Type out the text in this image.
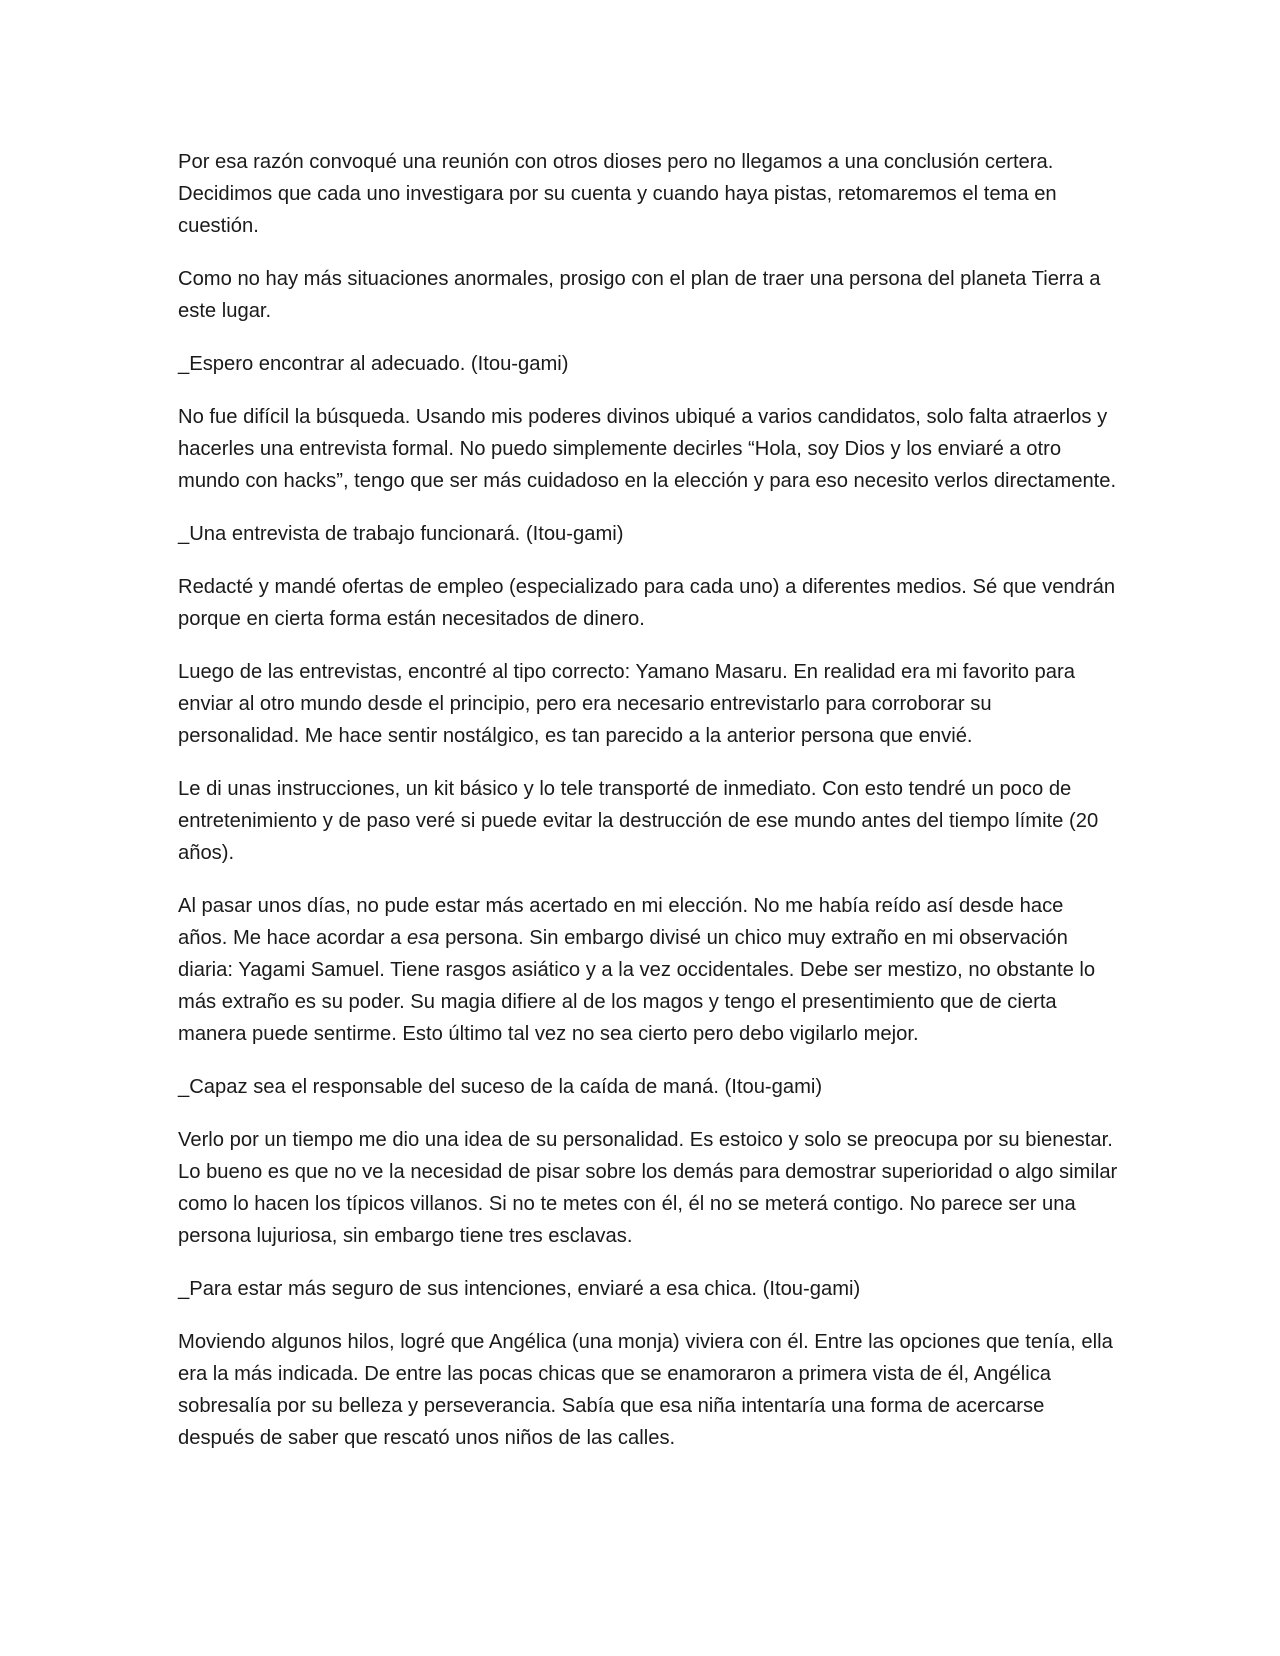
Por esa razón convoqué una reunión con otros dioses pero no llegamos a una conclusión certera. Decidimos que cada uno investigara por su cuenta y cuando haya pistas, retomaremos el tema en cuestión.

Como no hay más situaciones anormales, prosigo con el plan de traer una persona del planeta Tierra a este lugar.

_Espero encontrar al adecuado. (Itou-gami)

No fue difícil la búsqueda. Usando mis poderes divinos ubiqué a varios candidatos, solo falta atraerlos y hacerles una entrevista formal. No puedo simplemente decirles “Hola, soy Dios y los enviaré a otro mundo con hacks”, tengo que ser más cuidadoso en la elección y para eso necesito verlos directamente.

_Una entrevista de trabajo funcionará. (Itou-gami)

Redacté y mandé ofertas de empleo (especializado para cada uno) a diferentes medios. Sé que vendrán porque en cierta forma están necesitados de dinero.

Luego de las entrevistas, encontré al tipo correcto: Yamano Masaru. En realidad era mi favorito para enviar al otro mundo desde el principio, pero era necesario entrevistarlo para corroborar su personalidad. Me hace sentir nostálgico, es tan parecido a la anterior persona que envié.

Le di unas instrucciones, un kit básico y lo tele transporté de inmediato. Con esto tendré un poco de entretenimiento y de paso veré si puede evitar la destrucción de ese mundo antes del tiempo límite (20 años).

Al pasar unos días, no pude estar más acertado en mi elección. No me había reído así desde hace años. Me hace acordar a esa persona. Sin embargo divisé un chico muy extraño en mi observación diaria: Yagami Samuel. Tiene rasgos asiático y a la vez occidentales. Debe ser mestizo, no obstante lo más extraño es su poder. Su magia difiere al de los magos y tengo el presentimiento que de cierta manera puede sentirme. Esto último tal vez no sea cierto pero debo vigilarlo mejor.

_Capaz sea el responsable del suceso de la caída de maná. (Itou-gami)

Verlo por un tiempo me dio una idea de su personalidad. Es estoico y solo se preocupa por su bienestar. Lo bueno es que no ve la necesidad de pisar sobre los demás para demostrar superioridad o algo similar como lo hacen los típicos villanos. Si no te metes con él, él no se meterá contigo. No parece ser una persona lujuriosa, sin embargo tiene tres esclavas.

_Para estar más seguro de sus intenciones, enviaré a esa chica. (Itou-gami)

Moviendo algunos hilos, logré que Angélica (una monja) viviera con él. Entre las opciones que tenía, ella era la más indicada. De entre las pocas chicas que se enamoraron a primera vista de él, Angélica sobresalía por su belleza y perseverancia. Sabía que esa niña intentaría una forma de acercarse después de saber que rescató unos niños de las calles.
